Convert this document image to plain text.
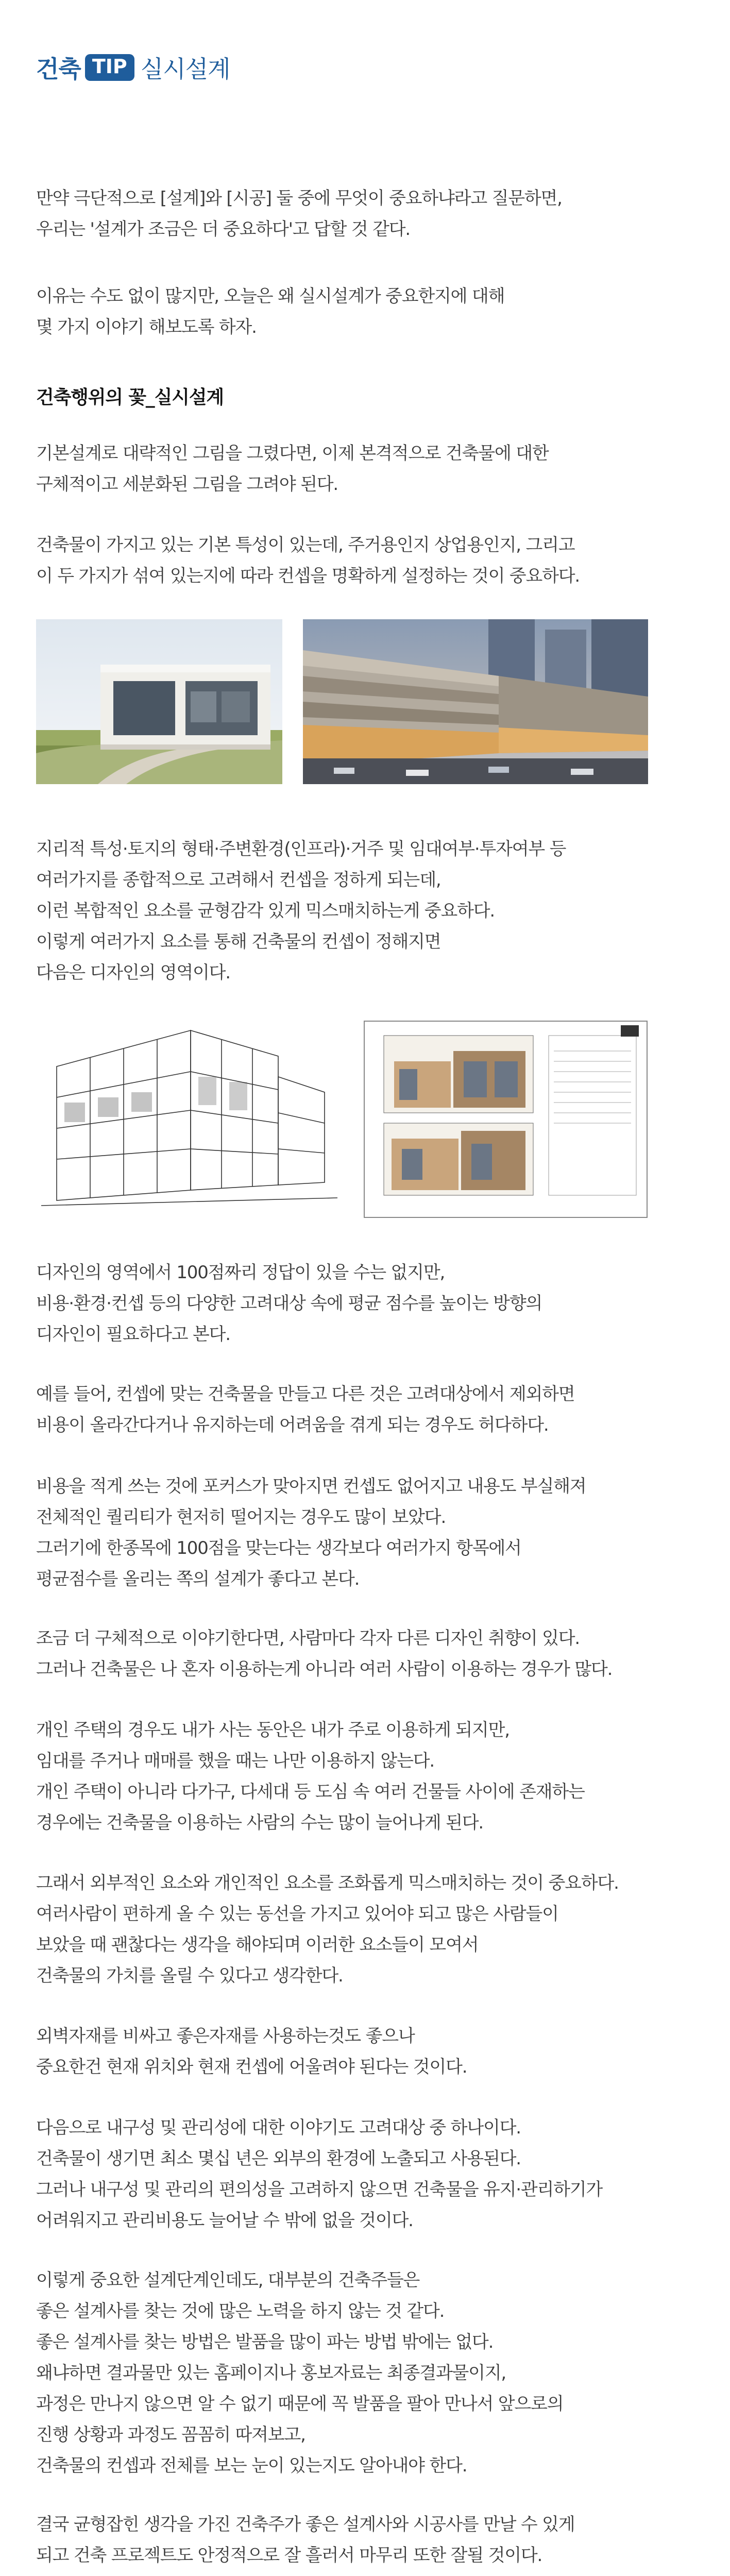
건축 TIP 실시설계
만약 극단적으로 [설계]와 [시공] 둘 중에 무엇이 중요하냐라고 질문하면,
우리는 '설계가 조금은 더 중요하다'고 답할 것 같다.
이유는 수도 없이 많지만, 오늘은 왜 실시설계가 중요한지에 대해
몇 가지 이야기 해보도록 하자.
건축행위의 꽃_실시설계
기본설계로 대략적인 그림을 그렸다면, 이제 본격적으로 건축물에 대한
구체적이고 세분화된 그림을 그려야 된다.
건축물이 가지고 있는 기본 특성이 있는데, 주거용인지 상업용인지, 그리고
이 두 가지가 섞여 있는지에 따라 컨셉을 명확하게 설정하는 것이 중요하다.
지리적 특성·토지의 형태·주변환경(인프라)·거주 및 임대여부·투자여부 등
여러가지를 종합적으로 고려해서 컨셉을 정하게 되는데,
이런 복합적인 요소를 균형감각 있게 믹스매치하는게 중요하다.
이렇게 여러가지 요소를 통해 건축물의 컨셉이 정해지면
다음은 디자인의 영역이다.
디자인의 영역에서 100점짜리 정답이 있을 수는 없지만,
비용·환경·컨셉 등의 다양한 고려대상 속에 평균 점수를 높이는 방향의
디자인이 필요하다고 본다.
예를 들어, 컨셉에 맞는 건축물을 만들고 다른 것은 고려대상에서 제외하면
비용이 올라간다거나 유지하는데 어려움을 겪게 되는 경우도 허다하다.
비용을 적게 쓰는 것에 포커스가 맞아지면 컨셉도 없어지고 내용도 부실해져
전체적인 퀄리티가 현저히 떨어지는 경우도 많이 보았다.
그러기에 한종목에 100점을 맞는다는 생각보다 여러가지 항목에서
평균점수를 올리는 쪽의 설계가 좋다고 본다.
조금 더 구체적으로 이야기한다면, 사람마다 각자 다른 디자인 취향이 있다.
그러나 건축물은 나 혼자 이용하는게 아니라 여러 사람이 이용하는 경우가 많다.
개인 주택의 경우도 내가 사는 동안은 내가 주로 이용하게 되지만,
임대를 주거나 매매를 했을 때는 나만 이용하지 않는다.
개인 주택이 아니라 다가구, 다세대 등 도심 속 여러 건물들 사이에 존재하는
경우에는 건축물을 이용하는 사람의 수는 많이 늘어나게 된다.
그래서 외부적인 요소와 개인적인 요소를 조화롭게 믹스매치하는 것이 중요하다.
여러사람이 편하게 올 수 있는 동선을 가지고 있어야 되고 많은 사람들이
보았을 때 괜찮다는 생각을 해야되며 이러한 요소들이 모여서
건축물의 가치를 올릴 수 있다고 생각한다.
외벽자재를 비싸고 좋은자재를 사용하는것도 좋으나
중요한건 현재 위치와 현재 컨셉에 어울려야 된다는 것이다.
다음으로 내구성 및 관리성에 대한 이야기도 고려대상 중 하나이다.
건축물이 생기면 최소 몇십 년은 외부의 환경에 노출되고 사용된다.
그러나 내구성 및 관리의 편의성을 고려하지 않으면 건축물을 유지·관리하기가
어려워지고 관리비용도 늘어날 수 밖에 없을 것이다.
이렇게 중요한 설계단계인데도, 대부분의 건축주들은
좋은 설계사를 찾는 것에 많은 노력을 하지 않는 것 같다.
좋은 설계사를 찾는 방법은 발품을 많이 파는 방법 밖에는 없다.
왜냐하면 결과물만 있는 홈페이지나 홍보자료는 최종결과물이지,
과정은 만나지 않으면 알 수 없기 때문에 꼭 발품을 팔아 만나서 앞으로의
진행 상황과 과정도 꼼꼼히 따져보고,
건축물의 컨셉과 전체를 보는 눈이 있는지도 알아내야 한다.
결국 균형잡힌 생각을 가진 건축주가 좋은 설계사와 시공사를 만날 수 있게
되고 건축 프로젝트도 안정적으로 잘 흘러서 마무리 또한 잘될 것이다.
